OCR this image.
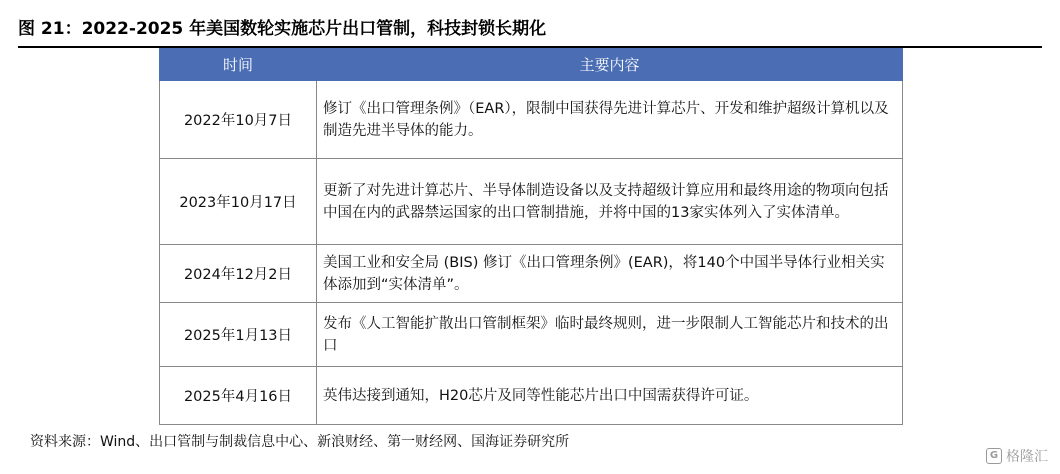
图 21：2022-2025 年美国数轮实施芯片出口管制，科技封锁长期化
时间	主要内容
2022年10月7日	修订《出口管理条例》（EAR），限制中国获得先进计算芯片、开发和维护超级计算机以及制造先进半导体的能力。
2023年10月17日	更新了对先进计算芯片、半导体制造设备以及支持超级计算应用和最终用途的物项向包括中国在内的武器禁运国家的出口管制措施，并将中国的13家实体列入了实体清单。
2024年12月2日	美国工业和安全局 (BIS) 修订《出口管理条例》(EAR)，将140个中国半导体行业相关实体添加到“实体清单”。
2025年1月13日	发布《人工智能扩散出口管制框架》临时最终规则，进一步限制人工智能芯片和技术的出口
2025年4月16日	英伟达接到通知，H20芯片及同等性能芯片出口中国需获得许可证。
资料来源：Wind、出口管制与制裁信息中心、新浪财经、第一财经网、国海证券研究所
G 格隆汇
